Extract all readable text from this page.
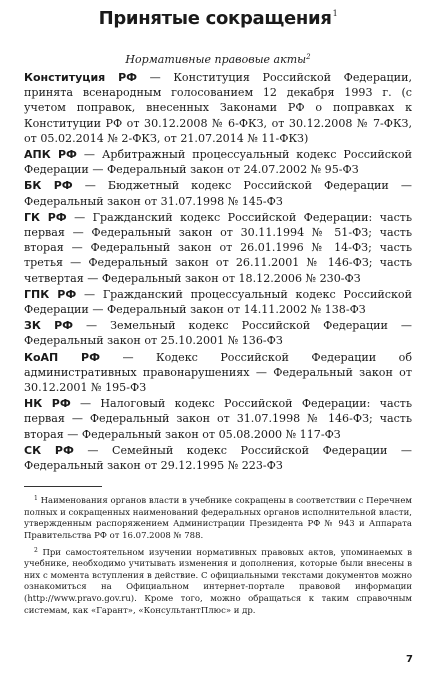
Принятые сокращения$^1$
Нормативные правовые акты$^2$

Конституция РФ — Конституция Российской Федерации, принята всенародным голосованием 12 декабря 1993 г. (с учетом поправок, внесенных Законами РФ о поправках к Конституции РФ от 30.12.2008 № 6-ФКЗ, от 30.12.2008 № 7-ФКЗ, от 05.02.2014 № 2-ФКЗ, от 21.07.2014 № 11-ФКЗ)

АПК РФ — Арбитражный процессуальный кодекс Российской Федерации — Федеральный закон от 24.07.2002 № 95-ФЗ

БК РФ — Бюджетный кодекс Российской Федерации — Федеральный закон от 31.07.1998 № 145-ФЗ

ГК РФ — Гражданский кодекс Российской Федерации: часть первая — Федеральный закон от 30.11.1994 № 51-ФЗ; часть вторая — Федеральный закон от 26.01.1996 № 14-ФЗ; часть третья — Федеральный закон от 26.11.2001 № 146-ФЗ; часть четвертая — Федеральный закон от 18.12.2006 № 230-ФЗ

ГПК РФ — Гражданский процессуальный кодекс Российской Федерации — Федеральный закон от 14.11.2002 № 138-ФЗ

ЗК РФ — Земельный кодекс Российской Федерации — Федеральный закон от 25.10.2001 № 136-ФЗ

КоАП РФ — Кодекс Российской Федерации об административных правонарушениях — Федеральный закон от 30.12.2001 № 195-ФЗ

НК РФ — Налоговый кодекс Российской Федерации: часть первая — Федеральный закон от 31.07.1998 № 146-ФЗ; часть вторая — Федеральный закон от 05.08.2000 № 117-ФЗ

СК РФ — Семейный кодекс Российской Федерации — Федеральный закон от 29.12.1995 № 223-ФЗ

$^1$ Наименования органов власти в учебнике сокращены в соответствии с Перечнем полных и сокращенных наименований федеральных органов исполнительной власти, утвержденным распоряжением Администрации Президента РФ № 943 и Аппарата Правительства РФ от 16.07.2008 № 788.
$^2$ При самостоятельном изучении нормативных правовых актов, упоминаемых в учебнике, необходимо учитывать изменения и дополнения, которые были внесены в них с момента вступления в действие. С официальными текстами документов можно ознакомиться на Официальном интернет-портале правовой информации (http://www.pravo.gov.ru). Кроме того, можно обращаться к таким справочным системам, как «Гарант», «КонсультантПлюс» и др.
7
